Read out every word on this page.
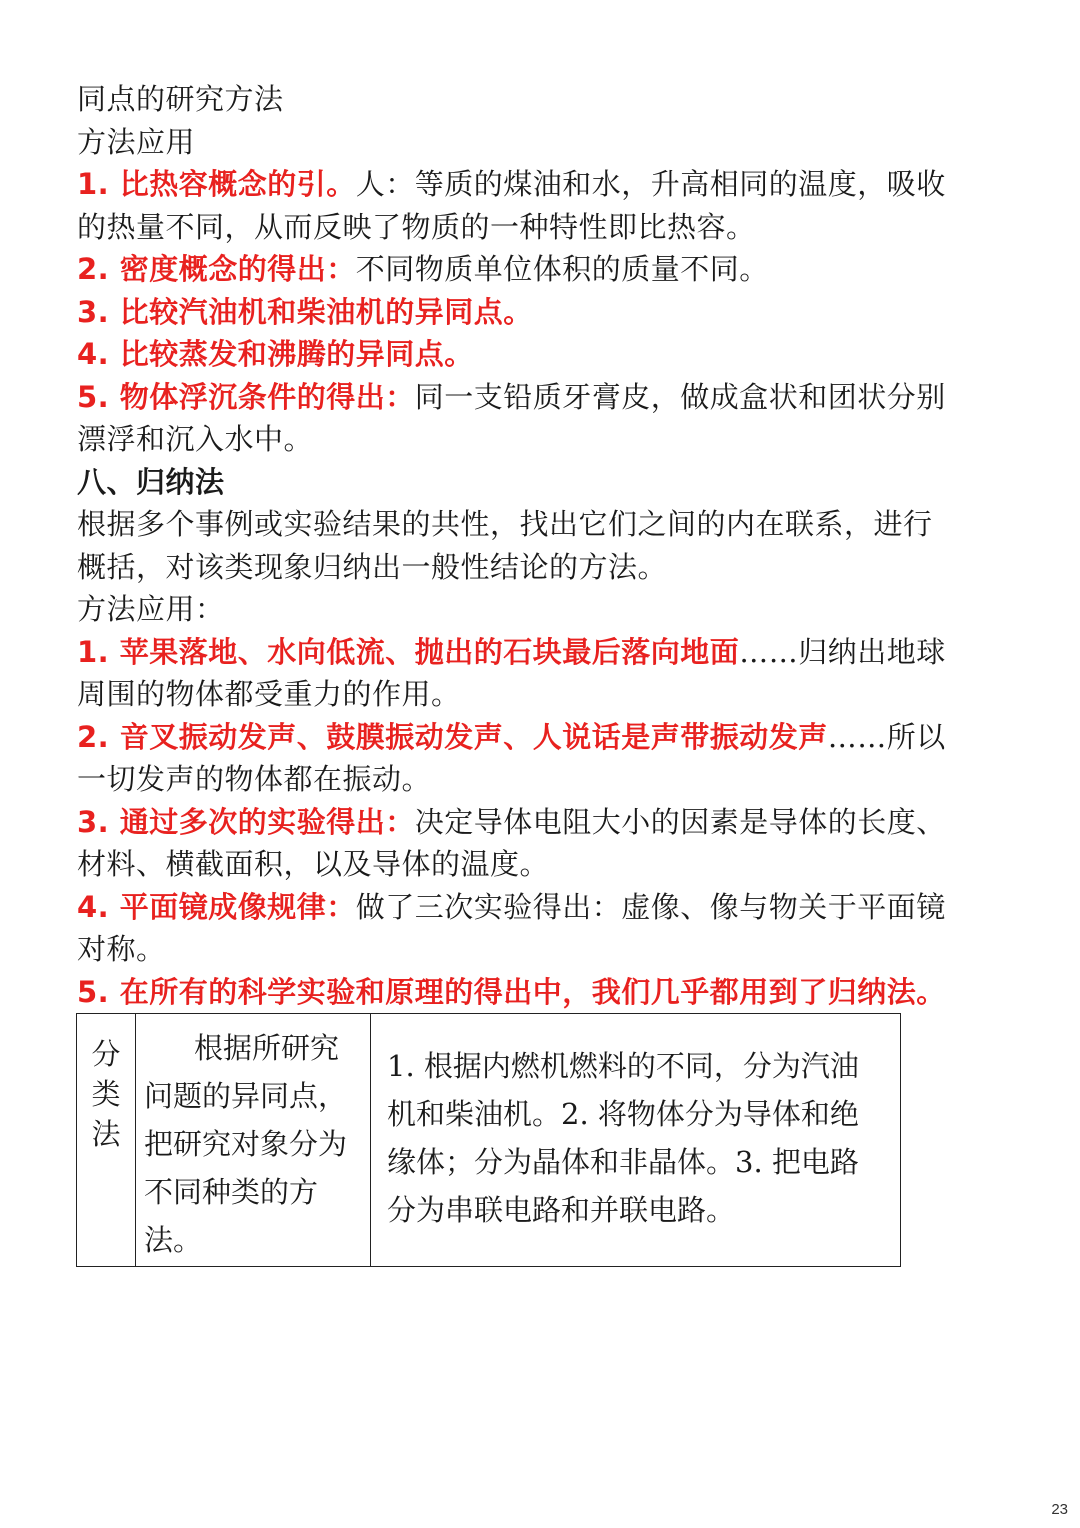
同点的研究方法
方法应用
1. 比热容概念的引。人：等质的煤油和水，升高相同的温度，吸收
的热量不同，从而反映了物质的一种特性即比热容。
2. 密度概念的得出：不同物质单位体积的质量不同。
3. 比较汽油机和柴油机的异同点。
4. 比较蒸发和沸腾的异同点。
5. 物体浮沉条件的得出：同一支铅质牙膏皮，做成盒状和团状分别
漂浮和沉入水中。
八、归纳法
根据多个事例或实验结果的共性，找出它们之间的内在联系，进行
概括，对该类现象归纳出一般性结论的方法。
方法应用：
1. 苹果落地、水向低流、抛出的石块最后落向地面……归纳出地球
周围的物体都受重力的作用。
2. 音叉振动发声、鼓膜振动发声、人说话是声带振动发声……所以
一切发声的物体都在振动。
3. 通过多次的实验得出：决定导体电阻大小的因素是导体的长度、
材料、横截面积，以及导体的温度。
4. 平面镜成像规律：做了三次实验得出：虚像、像与物关于平面镜
对称。
5. 在所有的科学实验和原理的得出中，我们几乎都用到了归纳法。
分类法	根据所研究问题的异同点，把研究对象分为不同种类的方法。	1. 根据内燃机燃料的不同，分为汽油机和柴油机。2. 将物体分为导体和绝缘体；分为晶体和非晶体。3. 把电路分为串联电路和并联电路。
23
